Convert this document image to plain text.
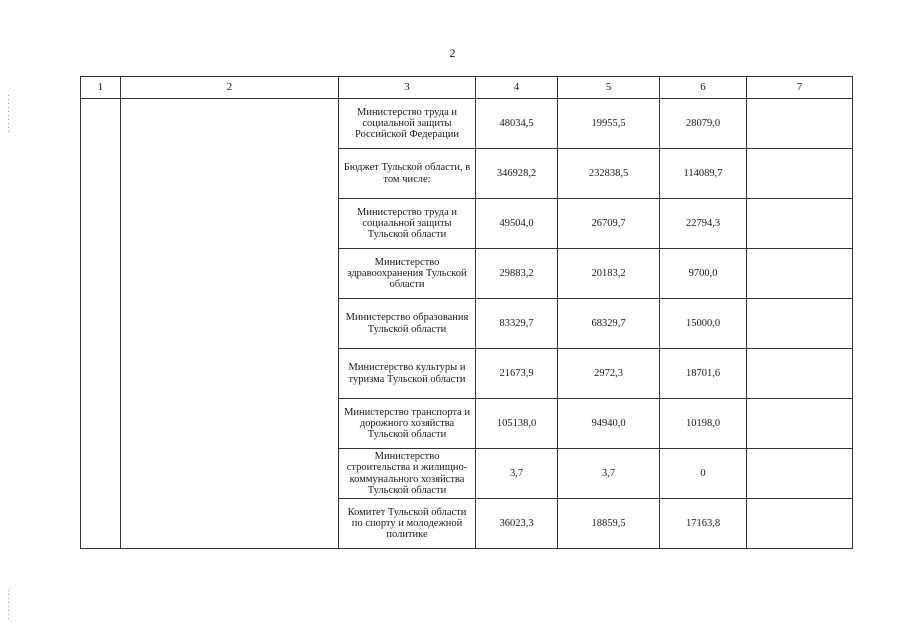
2
1	2	3	4	5	6	7
		Министерство труда и социальной защиты Российской Федерации	48034,5	19955,5	28079,0	
		Бюджет Тульской области, в том числе:	346928,2	232838,5	114089,7	
		Министерство труда и социальной защиты Тульской области	49504,0	26709,7	22794,3	
		Министерство здравоохранения Тульской области	29883,2	20183,2	9700,0	
		Министерство образования Тульской области	83329,7	68329,7	15000,0	
		Министерство культуры и туризма Тульской области	21673,9	2972,3	18701,6	
		Министерство транспорта и дорожного хозяйства Тульской области	105138,0	94940,0	10198,0	
		Министерство строительства и жилищно-коммунального хозяйства Тульской области	3,7	3,7	0	
		Комитет Тульской области по спорту и молодежной политике	36023,3	18859,5	17163,8	
